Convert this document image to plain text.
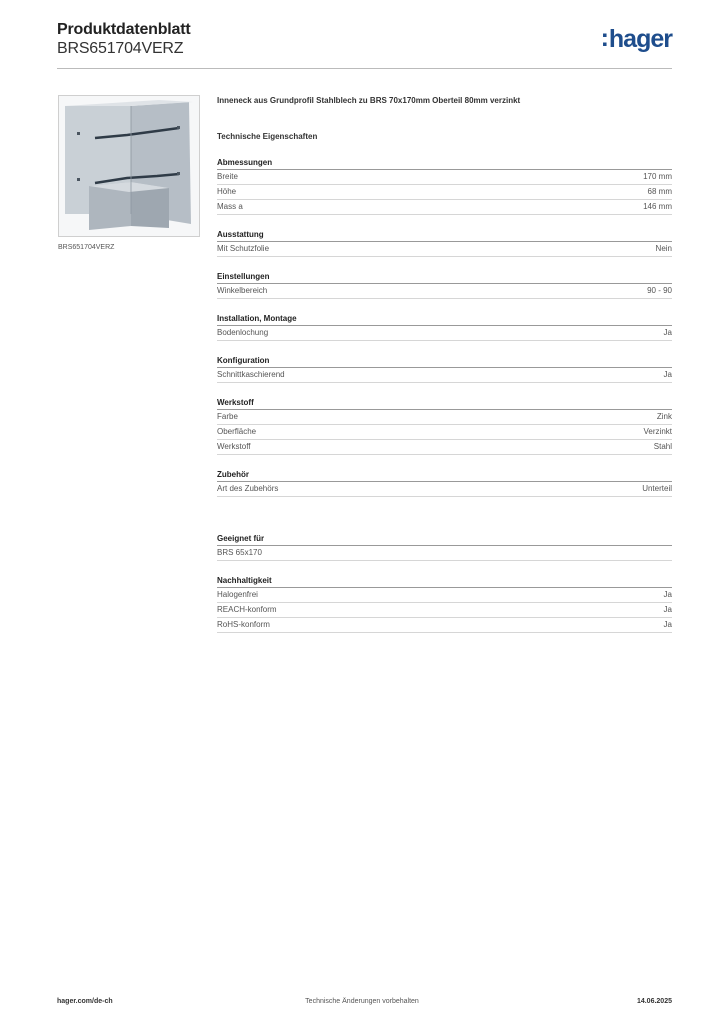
Produktdatenblatt
BRS651704VERZ	:hager
BRS651704VERZ
Inneneck aus Grundprofil Stahlblech zu BRS 70x170mm Oberteil 80mm verzinkt
Technische Eigenschaften
Abmessungen
Breite	170 mm
Höhe	68 mm
Mass a	146 mm
Ausstattung
Mit Schutzfolie	Nein
Einstellungen
Winkelbereich	90 - 90
Installation, Montage
Bodenlochung	Ja
Konfiguration
Schnittkaschierend	Ja
Werkstoff
Farbe	Zink
Oberfläche	Verzinkt
Werkstoff	Stahl
Zubehör
Art des Zubehörs	Unterteil
Geeignet für
BRS 65x170
Nachhaltigkeit
Halogenfrei	Ja
REACH-konform	Ja
RoHS-konform	Ja
hager.com/de-ch	Technische Änderungen vorbehalten	14.06.2025
